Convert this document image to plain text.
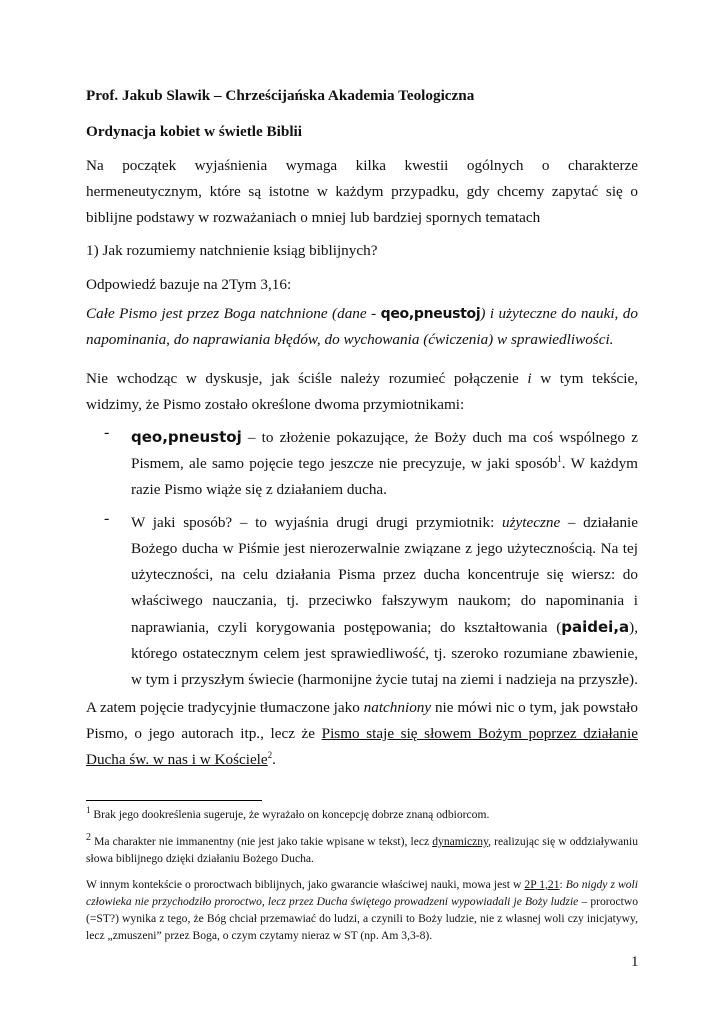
Prof. Jakub Slawik – Chrześcijańska Akademia Teologiczna

Ordynacja kobiet w świetle Biblii

Na początek wyjaśnienia wymaga kilka kwestii ogólnych o charakterze hermeneutycznym, które są istotne w każdym przypadku, gdy chcemy zapytać się o biblijne podstawy w rozważaniach o mniej lub bardziej spornych tematach

1) Jak rozumiemy natchnienie ksiąg biblijnych?

Odpowiedź bazuje na 2Tym 3,16:

Całe Pismo jest przez Boga natchnione (dane - qeo,pneustoj) i użyteczne do nauki, do napominania, do naprawiania błędów, do wychowania (ćwiczenia) w sprawiedliwości.

Nie wchodząc w dyskusje, jak ściśle należy rozumieć połączenie i w tym tekście, widzimy, że Pismo zostało określone dwoma przymiotnikami:

- qeo,pneustoj – to złożenie pokazujące, że Boży duch ma coś wspólnego z Pismem, ale samo pojęcie tego jeszcze nie precyzuje, w jaki sposób$^1$. W każdym razie Pismo wiąże się z działaniem ducha.
- W jaki sposób? – to wyjaśnia drugi drugi przymiotnik: użyteczne – działanie Bożego ducha w Piśmie jest nierozerwalnie związane z jego użytecznością. Na tej użyteczności, na celu działania Pisma przez ducha koncentruje się wiersz: do właściwego nauczania, tj. przeciwko fałszywym naukom; do napominania i naprawiania, czyli korygowania postępowania; do kształtowania (paidei,a), którego ostatecznym celem jest sprawiedliwość, tj. szeroko rozumiane zbawienie, w tym i przyszłym świecie (harmonijne życie tutaj na ziemi i nadzieja na przyszłe).

A zatem pojęcie tradycyjnie tłumaczone jako natchniony nie mówi nic o tym, jak powstało Pismo, o jego autorach itp., lecz że Pismo staje się słowem Bożym poprzez działanie Ducha św. w nas i w Kościele$^2$.

$^1$ Brak jego dookreślenia sugeruje, że wyrażało on koncepcję dobrze znaną odbiorcom.

$^2$ Ma charakter nie immanentny (nie jest jako takie wpisane w tekst), lecz dynamiczny, realizując się w oddziaływaniu słowa biblijnego dzięki działaniu Bożego Ducha.

W innym kontekście o proroctwach biblijnych, jako gwarancie właściwej nauki, mowa jest w 2P 1,21: Bo nigdy z woli człowieka nie przychodziło proroctwo, lecz przez Ducha świętego prowadzeni wypowiadali je Boży ludzie – proroctwo (=ST?) wynika z tego, że Bóg chciał przemawiać do ludzi, a czynili to Boży ludzie, nie z własnej woli czy inicjatywy, lecz „zmuszeni” przez Boga, o czym czytamy nieraz w ST (np. Am 3,3-8).

1
